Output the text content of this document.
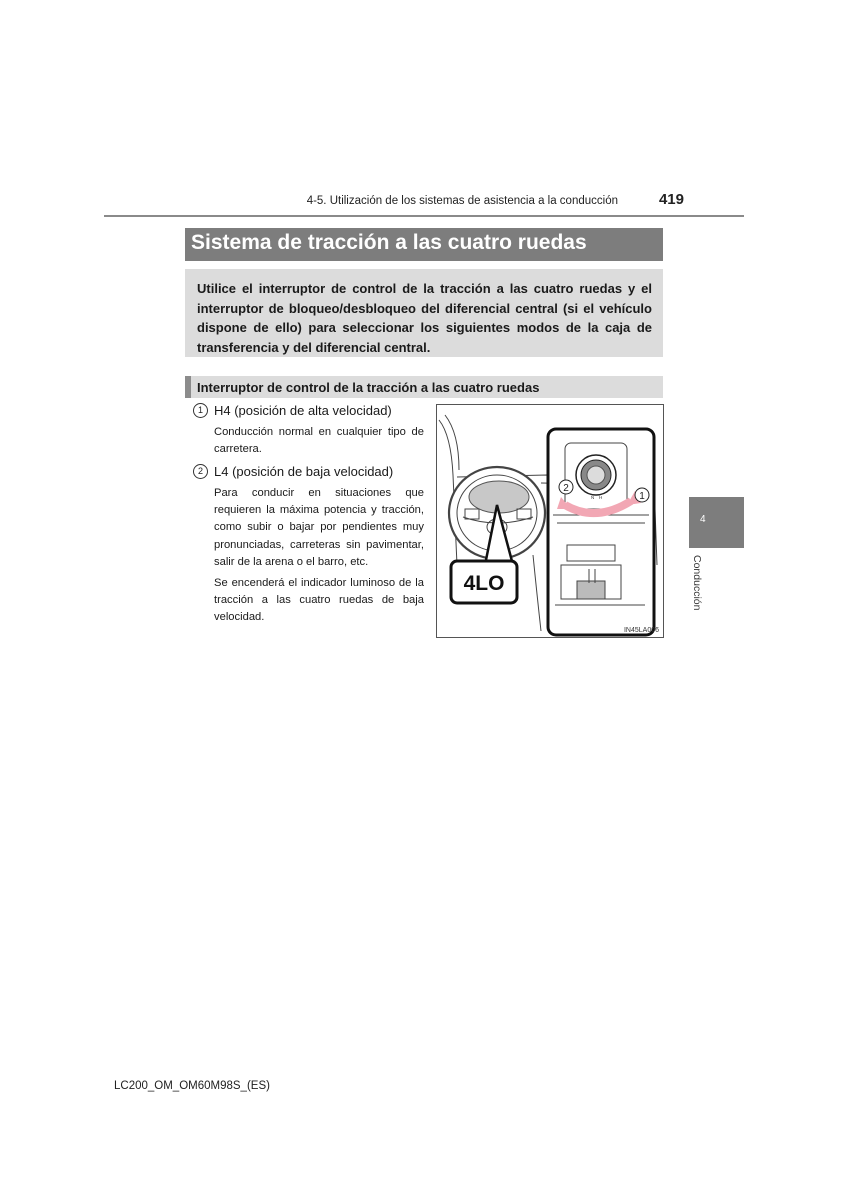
4-5. Utilización de los sistemas de asistencia a la conducción	419
Sistema de tracción a las cuatro ruedas
Utilice el interruptor de control de la tracción a las cuatro ruedas y el interruptor de bloqueo/desbloqueo del diferencial central (si el vehículo dispone de ello) para seleccionar los siguientes modos de la caja de transferencia y del diferencial central.
Interruptor de control de la tracción a las cuatro ruedas
1 H4 (posición de alta velocidad)
Conducción normal en cualquier tipo de carretera.
2 L4 (posición de baja velocidad)
Para conducir en situaciones que requieren la máxima potencia y tracción, como subir o bajar por pendientes muy pronunciadas, carreteras sin pavimentar, salir de la arena o el barro, etc.
Se encenderá el indicador luminoso de la tracción a las cuatro ruedas de baja velocidad.
N H
4LO
2
1
IN45LA006
4
Conducción
LC200_OM_OM60M98S_(ES)
